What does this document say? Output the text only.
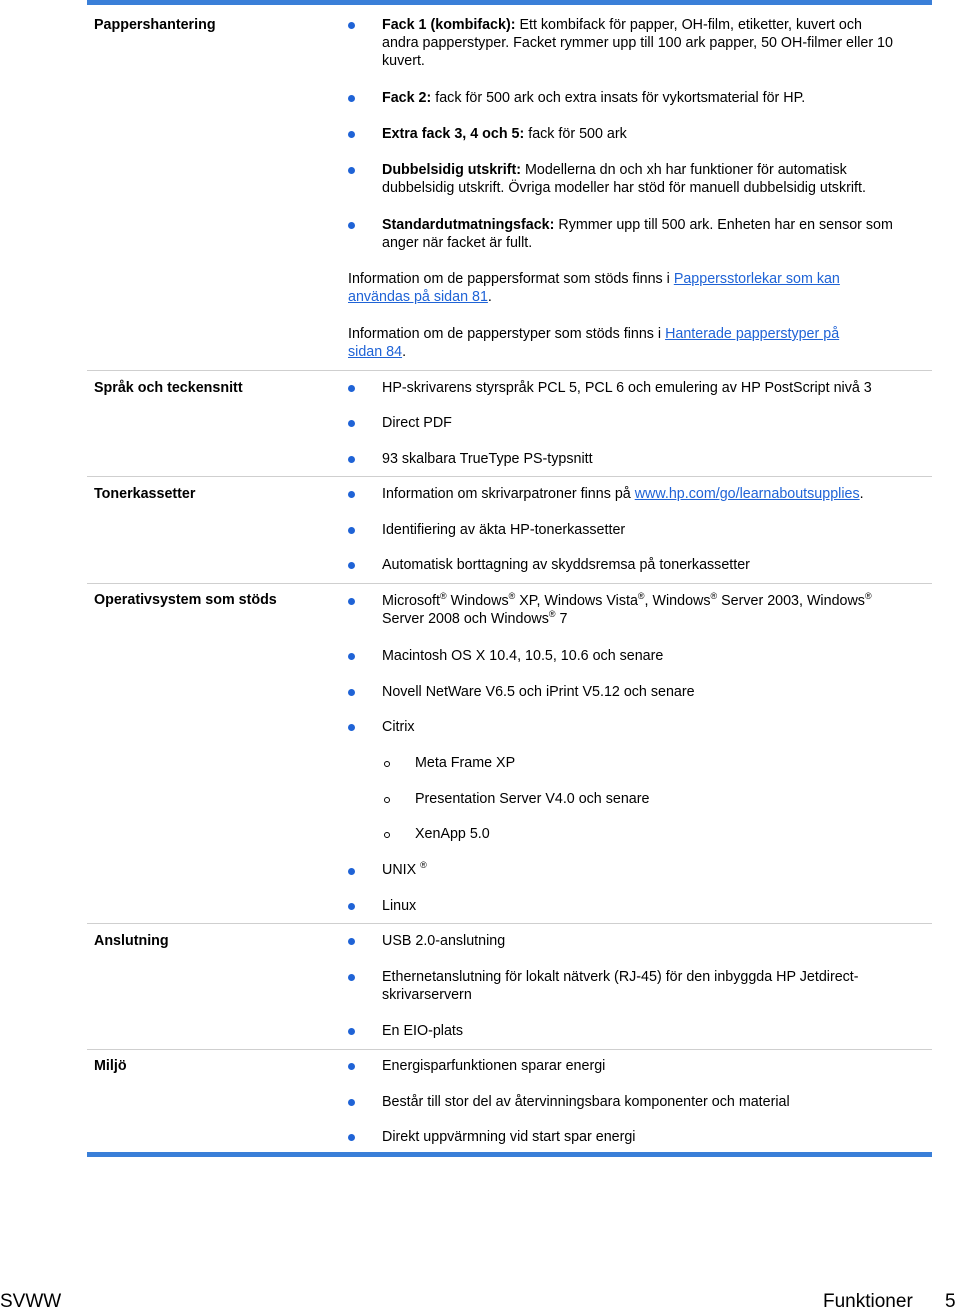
Pappershantering	Fack 1 (kombifack): Ett kombifack för papper, OH-film, etiketter, kuvert och andra papperstyper. Facket rymmer upp till 100 ark papper, 50 OH-filmer eller 10 kuvert.
Fack 2: fack för 500 ark och extra insats för vykortsmaterial för HP.
Extra fack 3, 4 och 5: fack för 500 ark
Dubbelsidig utskrift: Modellerna dn och xh har funktioner för automatisk dubbelsidig utskrift. Övriga modeller har stöd för manuell dubbelsidig utskrift.
Standardutmatningsfack: Rymmer upp till 500 ark. Enheten har en sensor som anger när facket är fullt.
Information om de pappersformat som stöds finns i Pappersstorlekar som kan användas på sidan 81.
Information om de papperstyper som stöds finns i Hanterade papperstyper på sidan 84.
Språk och teckensnitt	HP-skrivarens styrspråk PCL 5, PCL 6 och emulering av HP PostScript nivå 3
Direct PDF
93 skalbara TrueType PS-typsnitt
Tonerkassetter	Information om skrivarpatroner finns på www.hp.com/go/learnaboutsupplies.
Identifiering av äkta HP-tonerkassetter
Automatisk borttagning av skyddsremsa på tonerkassetter
Operativsystem som stöds	Microsoft® Windows® XP, Windows Vista®, Windows® Server 2003, Windows®
Server 2008 och Windows® 7
Macintosh OS X 10.4, 10.5, 10.6 och senare
Novell NetWare V6.5 och iPrint V5.12 och senare
Citrix
Meta Frame XP
Presentation Server V4.0 och senare
XenApp 5.0
UNIX ®
Linux
Anslutning	USB 2.0-anslutning
Ethernetanslutning för lokalt nätverk (RJ-45) för den inbyggda HP Jetdirect-skrivarservern
En EIO-plats
Miljö	Energisparfunktionen sparar energi
Består till stor del av återvinningsbara komponenter och material
Direkt uppvärmning vid start spar energi
SVWW	Funktioner 5
